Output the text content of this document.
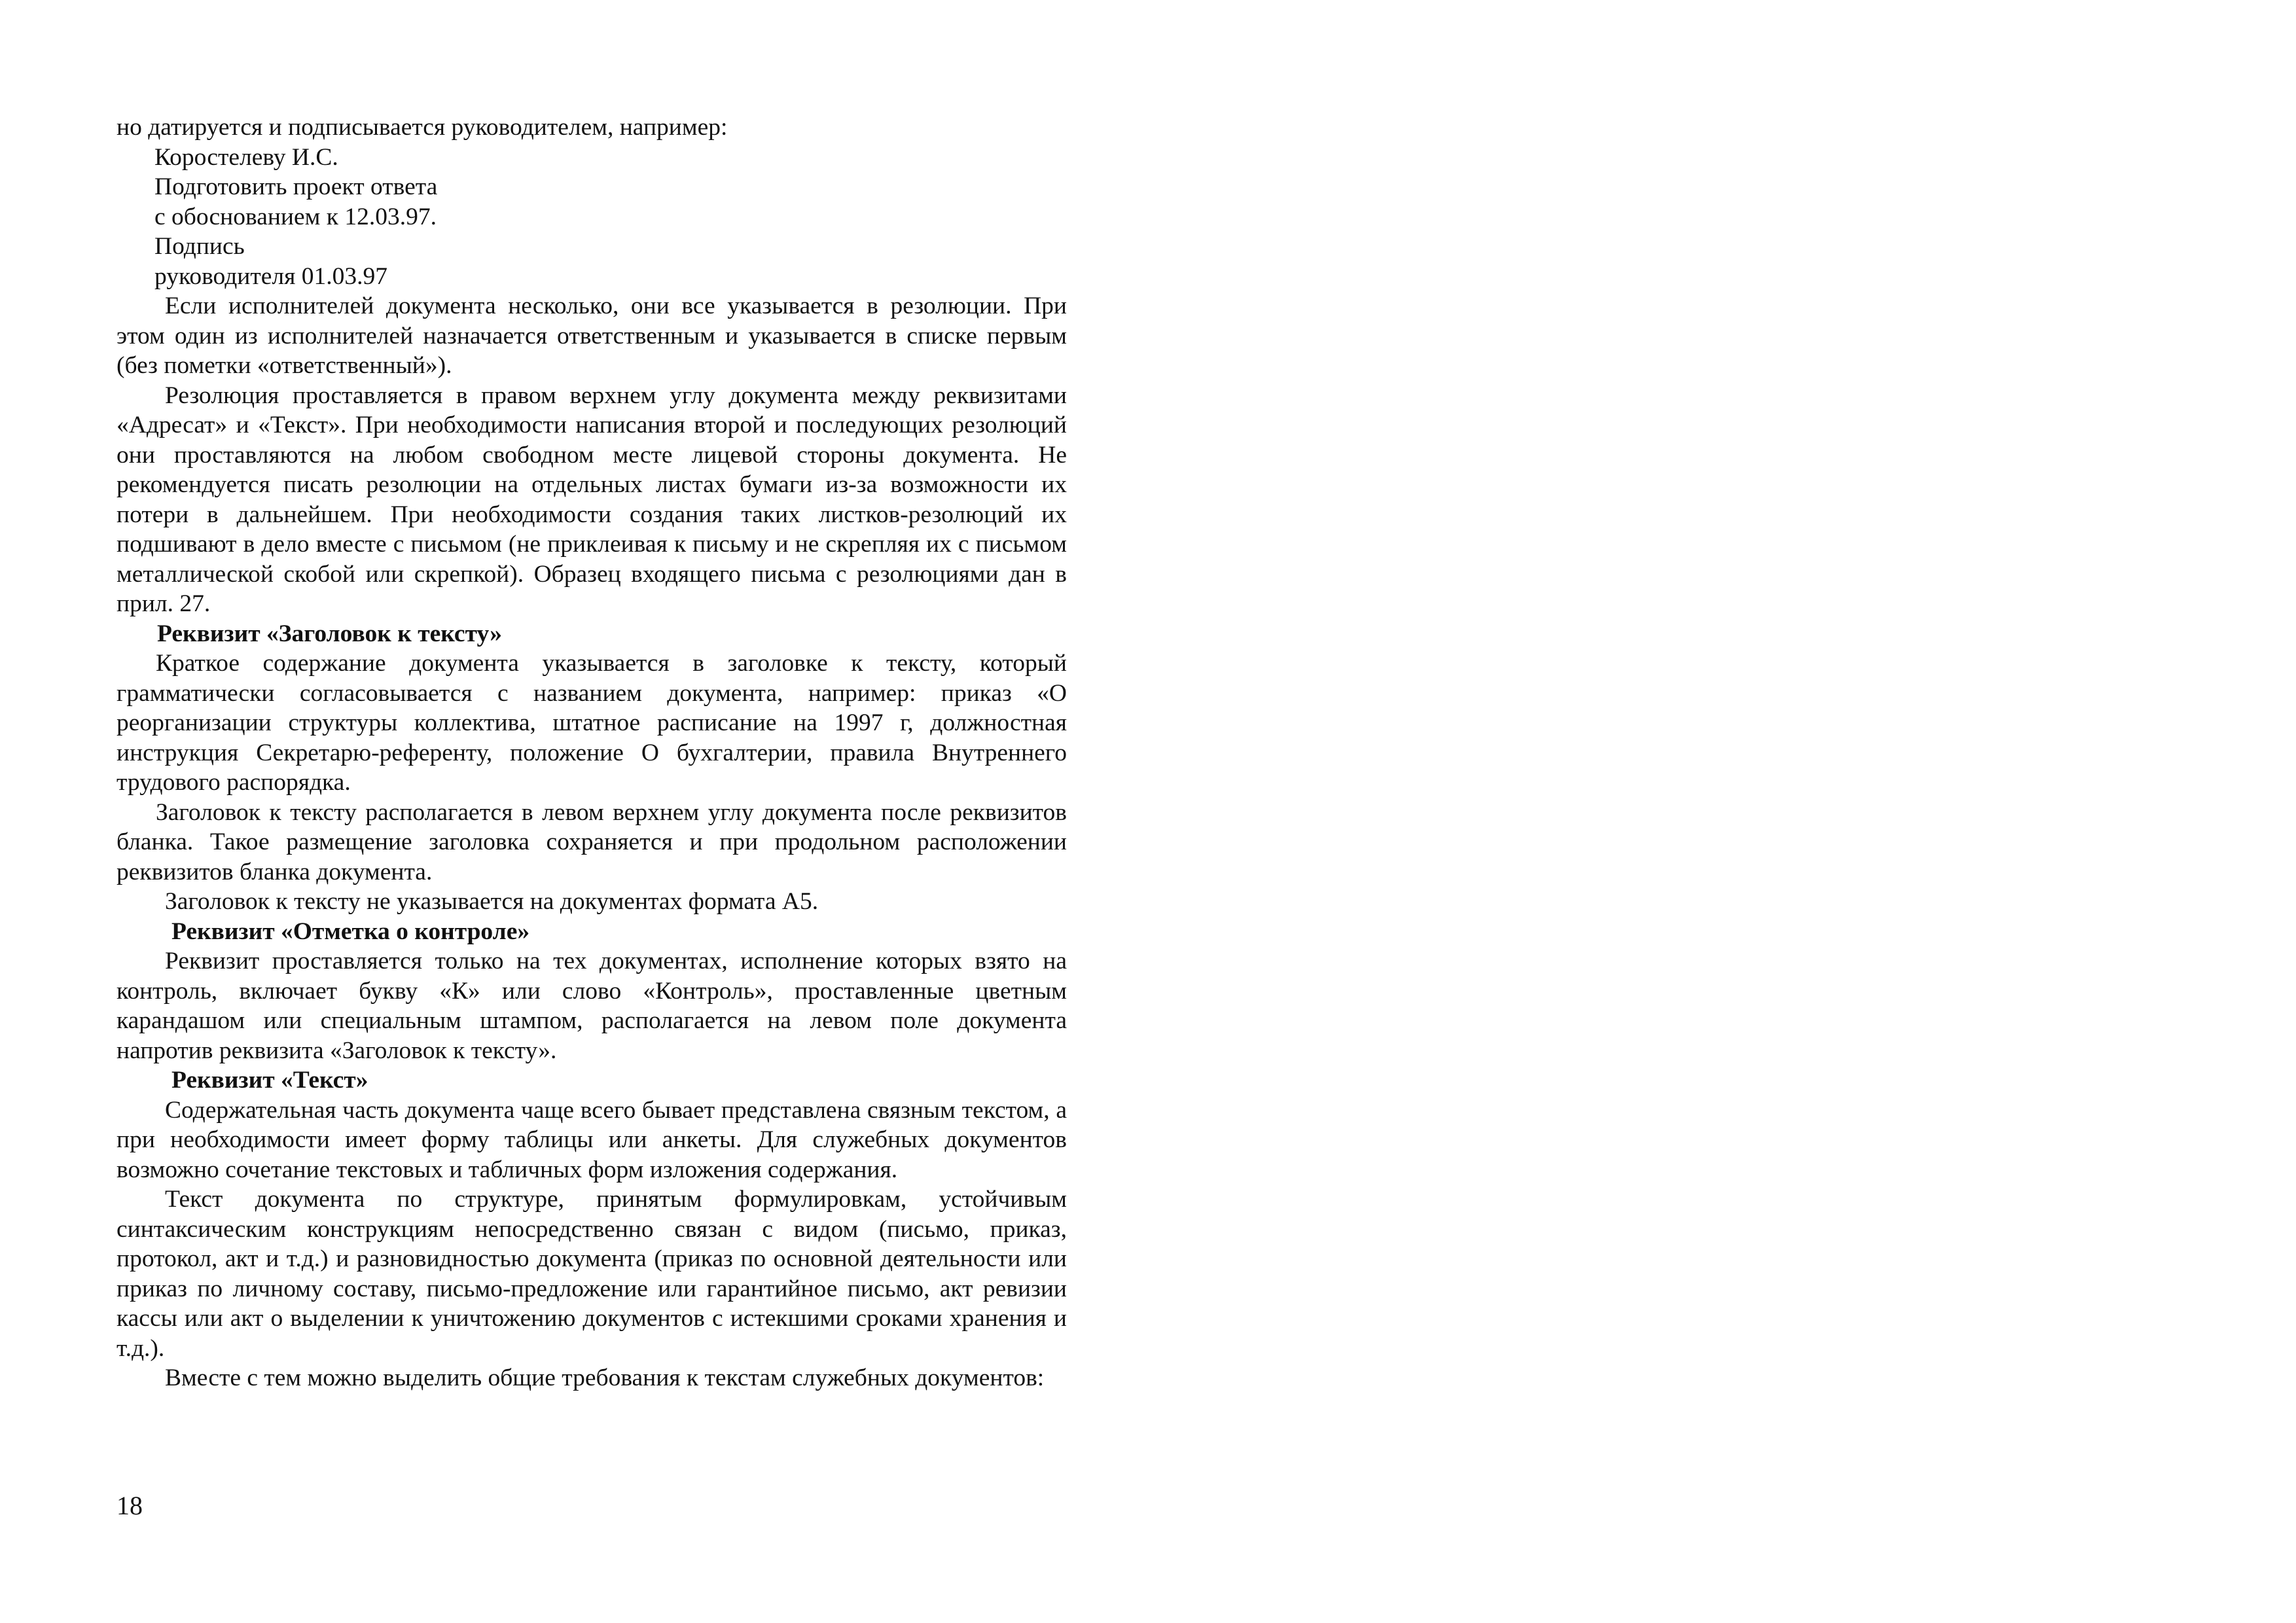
но датируется и подписывается руководителем, например:

Коростелеву И.С.

Подготовить проект ответа

с обоснованием к 12.03.97.

Подпись

руководителя 01.03.97

Если исполнителей документа несколько, они все указывается в резолюции. При этом один из исполнителей назначается ответственным и указывается в списке первым (без пометки «ответственный»).

Резолюция проставляется в правом верхнем углу документа между реквизитами «Адресат» и «Текст». При необходимости написания второй и последующих резолюций они проставляются на любом свободном месте лицевой стороны документа. Не рекомендуется писать резолюции на отдельных листах бумаги из-за возможности их потери в дальнейшем. При необходимости создания таких листков-резолюций их подшивают в дело вместе с письмом (не приклеивая к письму и не скрепляя их с письмом металлической скобой или скрепкой). Образец входящего письма с резолюциями дан в прил. 27.

Реквизит «Заголовок к тексту»

Краткое содержание документа указывается в заголовке к тексту, который грамматически согласовывается с названием документа, например: приказ «О реорганизации структуры коллектива, штатное расписание на 1997 г, должностная инструкция Секретарю-референту, положение О бухгалтерии, правила Внутреннего трудового распорядка.

Заголовок к тексту располагается в левом верхнем углу документа после реквизитов бланка. Такое размещение заголовка сохраняется и при продольном расположении реквизитов бланка документа.

Заголовок к тексту не указывается на документах формата А5.

Реквизит «Отметка о контроле»

Реквизит проставляется только на тех документах, исполнение которых взято на контроль, включает букву «К» или слово «Контроль», проставленные цветным карандашом или специальным штампом, располагается на левом поле документа напротив реквизита «Заголовок к тексту».

Реквизит «Текст»

Содержательная часть документа чаще всего бывает представлена связным текстом, а при необходимости имеет форму таблицы или анкеты. Для служебных документов возможно сочетание текстовых и табличных форм изложения содержания.

Текст документа по структуре, принятым формулировкам, устойчивым синтаксическим конструкциям непосредственно связан с видом (письмо, приказ, протокол, акт и т.д.) и разновидностью документа (приказ по основной деятельности или приказ по личному составу, письмо-предложение или гарантийное письмо, акт ревизии кассы или акт о выделении к уничтожению документов с истекшими сроками хранения и т.д.).

Вместе с тем можно выделить общие требования к текстам служебных документов:

18
